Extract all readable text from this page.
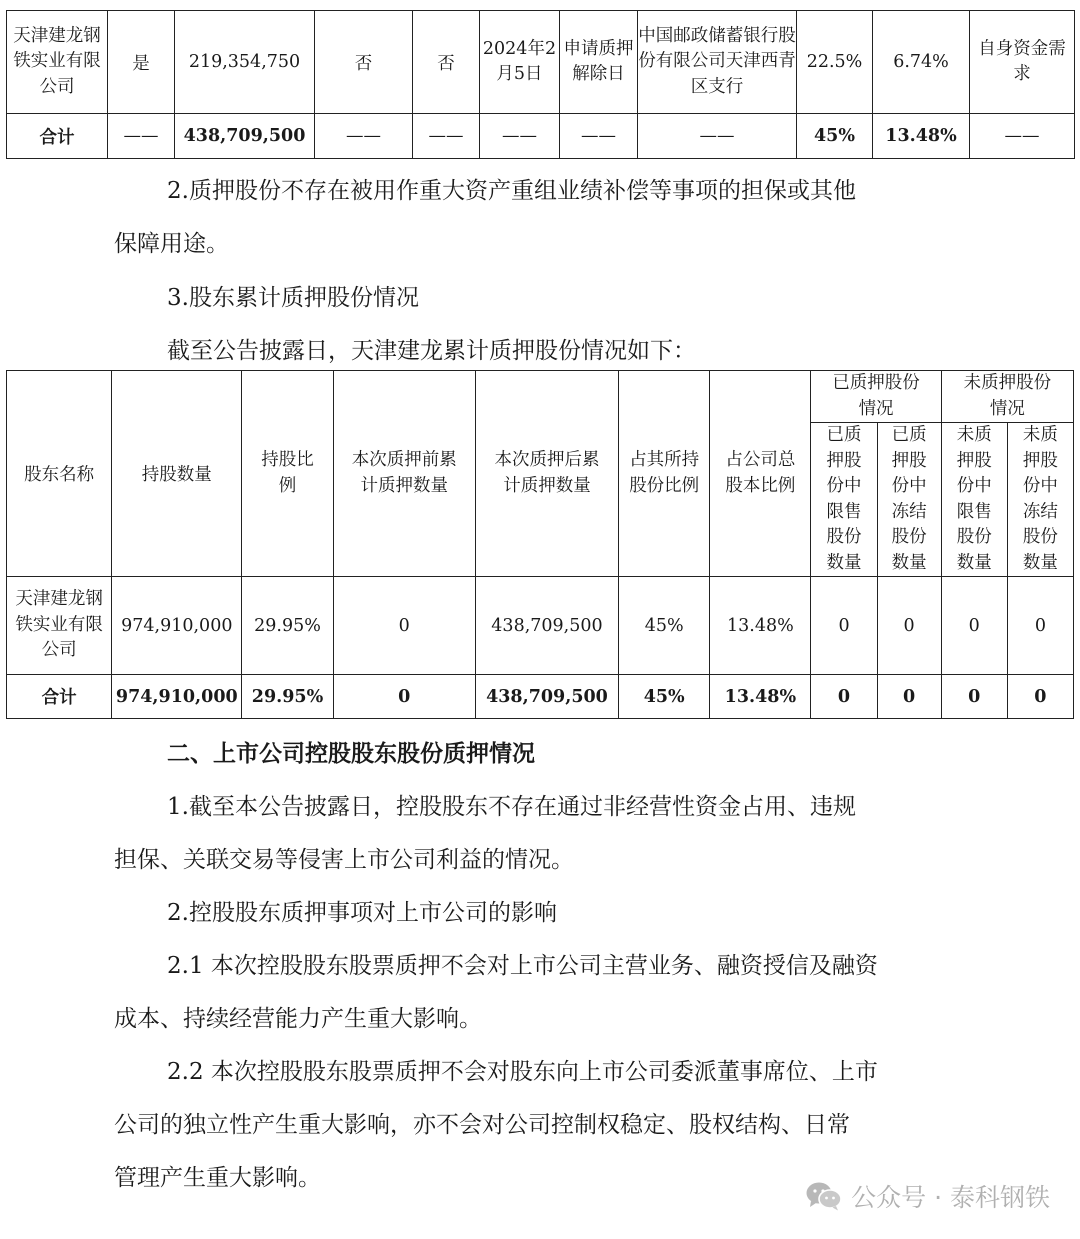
天津建龙钢铁实业有限公司	是	219,354,750	否	否	2024年2月5日	申请质押解除日	中国邮政储蓄银行股份有限公司天津西青区支行	22.5%	6.74%	自身资金需求
合计	——	438,709,500	——	——	——	——	——	45%	13.48%	——

2.质押股份不存在被用作重大资产重组业绩补偿等事项的担保或其他

保障用途。

3.股东累计质押股份情况

截至公告披露日，天津建龙累计质押股份情况如下：

股东名称	持股数量	持股比例	本次质押前累计质押数量	本次质押后累计质押数量	占其所持股份比例	占公司总股本比例	已质押股份情况		未质押股份情况	
							已质押股份中限售股份数量	已质押股份中冻结股份数量	未质押股份中限售股份数量	未质押股份中冻结股份数量
天津建龙钢铁实业有限公司	974,910,000	29.95%	0	438,709,500	45%	13.48%	0	0	0	0
合计	974,910,000	29.95%	0	438,709,500	45%	13.48%	0	0	0	0

二、上市公司控股股东股份质押情况

1.截至本公告披露日，控股股东不存在通过非经营性资金占用、违规

担保、关联交易等侵害上市公司利益的情况。

2.控股股东质押事项对上市公司的影响

2.1 本次控股股东股票质押不会对上市公司主营业务、融资授信及融资

成本、持续经营能力产生重大影响。

2.2 本次控股股东股票质押不会对股东向上市公司委派董事席位、上市

公司的独立性产生重大影响，亦不会对公司控制权稳定、股权结构、日常

管理产生重大影响。

公众号 · 泰科钢铁
